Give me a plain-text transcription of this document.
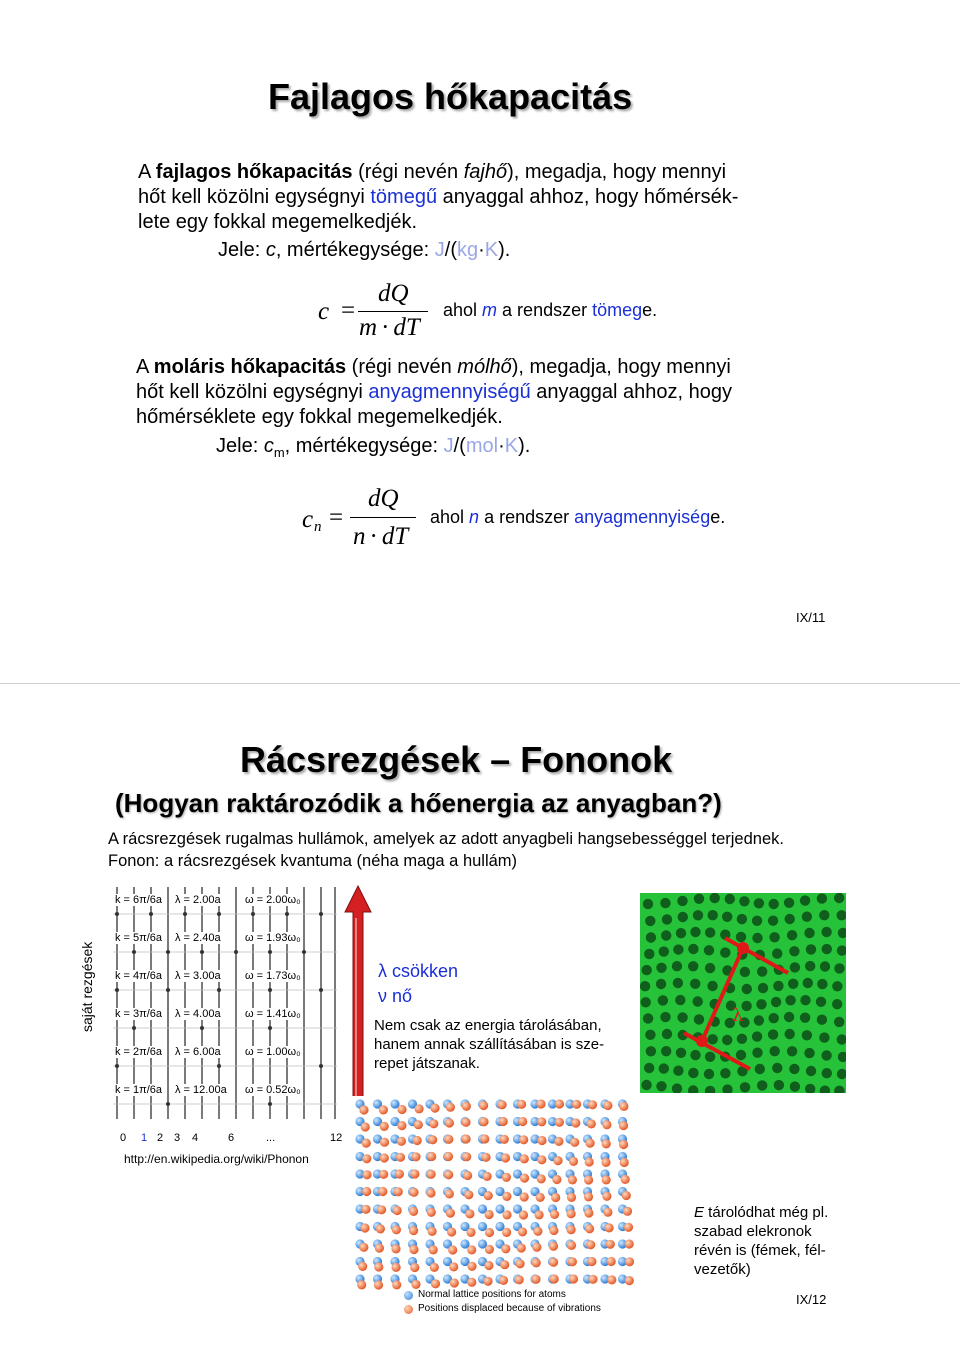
Fajlagos hőkapacitás
A fajlagos hőkapacitás (régi nevén fajhő), megadja, hogy mennyi
hőt kell közölni egységnyi tömegű anyaggal ahhoz, hogy hőmérsék-
lete egy fokkal megemelkedjék.
Jele: c, mértékegysége: J/(kg·K).
c =
dQ
m · dT
ahol m a rendszer tömege.
A moláris hőkapacitás (régi nevén mólhő), megadja, hogy mennyi
hőt kell közölni egységnyi anyagmennyiségű anyaggal ahhoz, hogy
hőmérséklete egy fokkal megemelkedjék.
Jele: $c_m$, mértékegysége: J/(mol·K).
c n =
dQ
n · dT
ahol n a rendszer anyagmennyisége.
IX/11
Rácsrezgések – Fononok
(Hogyan raktározódik a hőenergia az anyagban?)
A rácsrezgések rugalmas hullámok, amelyek az adott anyagbeli hangsebességgel terjednek.
Fonon: a rácsrezgések kvantuma (néha maga a hullám)
saját rezgések
k = 6π/6a λ = 2.00a ω = 2.00ω₀
k = 5π/6a λ = 2.40a ω = 1.93ω₀
k = 4π/6a λ = 3.00a ω = 1.73ω₀
k = 3π/6a λ = 4.00a ω = 1.41ω₀
k = 2π/6a λ = 6.00a ω = 1.00ω₀
k = 1π/6a λ = 12.00a ω = 0.52ω₀
0 1 2 3 4	6	...	12
http://en.wikipedia.org/wiki/Phonon
λ csökken
ν nő
Nem csak az energia tárolásában,
hanem annak szállításában is sze-
repet játszanak.
λ
Normal lattice positions for atoms
Positions displaced because of vibrations
E tárolódhat még pl.
szabad elekronok
révén is (fémek, fél-
vezetők)
IX/12
